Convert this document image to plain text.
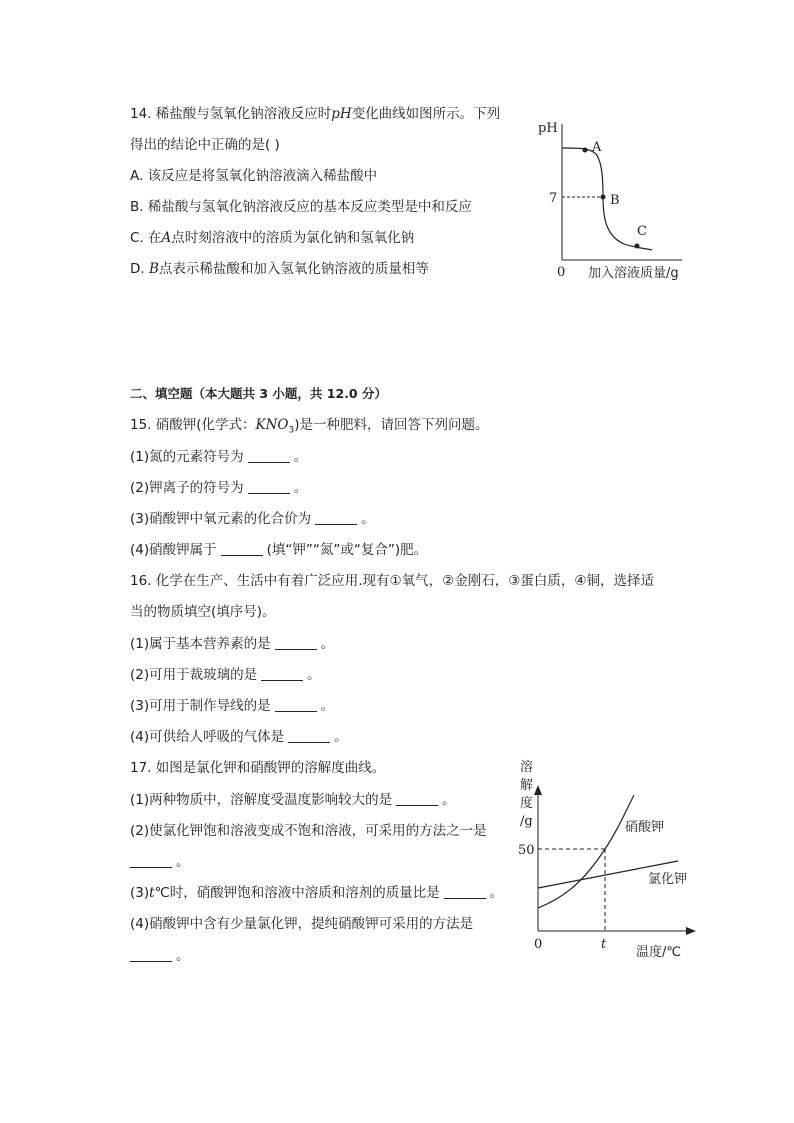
14. 稀盐酸与氢氧化钠溶液反应时pH变化曲线如图所示。下列
得出的结论中正确的是( )
A. 该反应是将氢氧化钠溶液滴入稀盐酸中
B. 稀盐酸与氢氧化钠溶液反应的基本反应类型是中和反应
C. 在A点时刻溶液中的溶质为氯化钠和氢氧化钠
D. B点表示稀盐酸和加入氢氧化钠溶液的质量相等
pH
0 加入溶液质量/g
7
A
B
C
二、填空题（本大题共 3 小题，共 12.0 分）
15. 硝酸钾(化学式：$KNO_3$)是一种肥料，请回答下列问题。
(1)氮的元素符号为	。
(2)钾离子的符号为	。
(3)硝酸钾中氧元素的化合价为	。
(4)硝酸钾属于	(填“钾”“氮”或“复合”)肥。
16. 化学在生产、生活中有着广泛应用.现有①氧气，②金刚石，③蛋白质，④铜，选择适
当的物质填空(填序号)。
(1)属于基本营养素的是	。
(2)可用于裁玻璃的是	。
(3)可用于制作导线的是	。
(4)可供给人呼吸的气体是	。
17. 如图是氯化钾和硝酸钾的溶解度曲线。
(1)两种物质中，溶解度受温度影响较大的是	。
(2)使氯化钾饱和溶液变成不饱和溶液，可采用的方法之一是
。
(3)t℃时，硝酸钾饱和溶液中溶质和溶剂的质量比是	。
(4)硝酸钾中含有少量氯化钾，提纯硝酸钾可采用的方法是
。
溶
解
度
/g
0
温度/℃
50
t
硝酸钾
氯化钾
